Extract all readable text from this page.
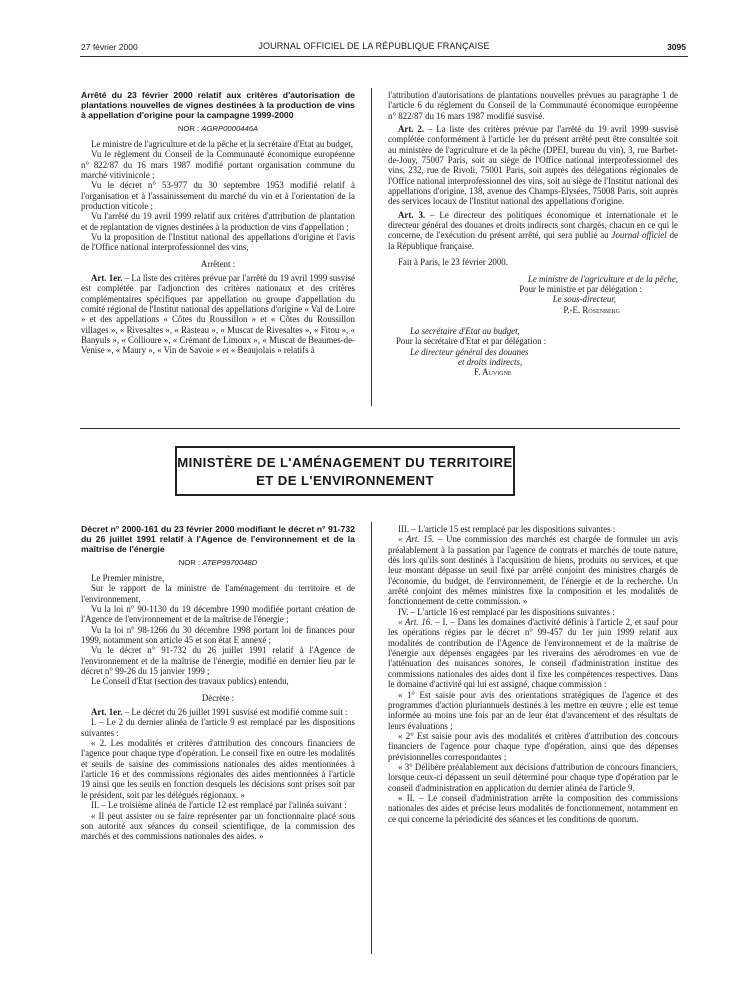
27 février 2000	JOURNAL OFFICIEL DE LA RÉPUBLIQUE FRANÇAISE	3095

Arrêté du 23 février 2000 relatif aux critères d'autorisation de plantations nouvelles de vignes destinées à la production de vins à appellation d'origine pour la campagne 1999-2000

NOR : AGRP0000446A

Le ministre de l'agriculture et de la pêche et la secrétaire d'Etat au budget,

Vu le règlement du Conseil de la Communauté économique européenne n° 822/87 du 16 mars 1987 modifié portant organisation commune du marché vitivinicole ;

Vu le décret n° 53-977 du 30 septembre 1953 modifié relatif à l'organisation et à l'assainissement du marché du vin et à l'orientation de la production viticole ;

Vu l'arrêté du 19 avril 1999 relatif aux critères d'attribution de plantation et de replantation de vignes destinées à la production de vins d'appellation ;

Vu la proposition de l'Institut national des appellations d'origine et l'avis de l'Office national interprofessionnel des vins,

Arrêtent :

Art. 1er. – La liste des critères prévue par l'arrêté du 19 avril 1999 susvisé est complétée par l'adjonction des critères nationaux et des critères complémentaires spécifiques par appellation ou groupe d'appellation du comité régional de l'Institut national des appellations d'origine « Val de Loire » et des appellations « Côtes du Roussillon » et « Côtes du Roussillon villages », « Rivesaltes », « Rasteau », « Muscat de Rivesaltes », « Fitou », « Banyuls », « Collioure », « Crémant de Limoux », « Muscat de Beaumes-de-Venise », « Maury », « Vin de Savoie » et « Beaujolais » relatifs à

l'attribution d'autorisations de plantations nouvelles prévues au paragraphe 1 de l'article 6 du règlement du Conseil de la Communauté économique européenne n° 822/87 du 16 mars 1987 modifié susvisé.

Art. 2. – La liste des critères prévue par l'arrêté du 19 avril 1999 susvisé complétée conformément à l'article 1er du présent arrêté peut être consultée soit au ministère de l'agriculture et de la pêche (DPEI, bureau du vin), 3, rue Barbet-de-Jouy, 75007 Paris, soit au siège de l'Office national interprofessionnel des vins, 232, rue de Rivoli, 75001 Paris, soit auprès des délégations régionales de l'Office national interprofessionnel des vins, soit au siège de l'Institut national des appellations d'origine, 138, avenue des Champs-Elysées, 75008 Paris, soit auprès des services locaux de l'Institut national des appellations d'origine.

Art. 3. – Le directeur des politiques économique et internationale et le directeur général des douanes et droits indirects sont chargés, chacun en ce qui le concerne, de l'exécution du présent arrêté, qui sera publié au Journal officiel de la République française.

Fait à Paris, le 23 février 2000.

Le ministre de l'agriculture et de la pêche,
Pour le ministre et par délégation :
Le sous-directeur,
P.-E. Rosenberg
La secrétaire d'Etat au budget,
Pour la secrétaire d'Etat et par délégation :
Le directeur général des douanes
et droits indirects,
F. Auvigne
MINISTÈRE DE L'AMÉNAGEMENT DU TERRITOIRE
ET DE L'ENVIRONNEMENT

Décret n° 2000-161 du 23 février 2000 modifiant le décret n° 91-732 du 26 juillet 1991 relatif à l'Agence de l'environnement et de la maîtrise de l'énergie

NOR : ATEP9970048D

Le Premier ministre,

Sur le rapport de la ministre de l'aménagement du territoire et de l'environnement,

Vu la loi n° 90-1130 du 19 décembre 1990 modifiée portant création de l'Agence de l'environnement et de la maîtrise de l'énergie ;

Vu la loi n° 98-1266 du 30 décembre 1998 portant loi de finances pour 1999, notamment son article 45 et son état E annexé ;

Vu le décret n° 91-732 du 26 juillet 1991 relatif à l'Agence de l'environnement et de la maîtrise de l'énergie, modifié en dernier lieu par le décret n° 99-26 du 15 janvier 1999 ;

Le Conseil d'Etat (section des travaux publics) entendu,

Décrète :

Art. 1er. – Le décret du 26 juillet 1991 susvisé est modifié comme suit :

I. – Le 2 du dernier alinéa de l'article 9 est remplacé par les dispositions suivantes :

« 2. Les modalités et critères d'attribution des concours financiers de l'agence pour chaque type d'opération. Le conseil fixe en outre les modalités et seuils de saisine des commissions nationales des aides mentionnées à l'article 16 et des commissions régionales des aides mentionnées à l'article 19 ainsi que les seuils en fonction desquels les décisions sont prises soit par le président, soit par les délégués régionaux. »

II. – Le troisième alinéa de l'article 12 est remplacé par l'alinéa suivant :

« Il peut assister ou se faire représenter par un fonctionnaire placé sous son autorité aux séances du conseil scientifique, de la commission des marchés et des commissions nationales des aides. »

III. – L'article 15 est remplacé par les dispositions suivantes :

« Art. 15. – Une commission des marchés est chargée de formuler un avis préalablement à la passation par l'agence de contrats et marchés de toute nature, dès lors qu'ils sont destinés à l'acquisition de biens, produits ou services, et que leur montant dépasse un seuil fixé par arrêté conjoint des ministres chargés de l'économie, du budget, de l'environnement, de l'énergie et de la recherche. Un arrêté conjoint des mêmes ministres fixe la composition et les modalités de fonctionnement de cette commission. »

IV. – L'article 16 est remplacé par les dispositions suivantes :

« Art. 16. – I. – Dans les domaines d'activité définis à l'article 2, et sauf pour les opérations régies par le décret n° 99-457 du 1er juin 1999 relatif aux modalités de contribution de l'Agence de l'environnement et de la maîtrise de l'énergie aux dépenses engagées par les riverains des aérodromes en vue de l'atténuation des nuisances sonores, le conseil d'administration institue des commissions nationales des aides dont il fixe les compétences respectives. Dans le domaine d'activité qui lui est assigné, chaque commission :

« 1° Est saisie pour avis des orientations stratégiques de l'agence et des programmes d'action pluriannuels destinés à les mettre en œuvre ; elle est tenue informée au moins une fois par an de leur état d'avancement et des résultats de leurs évaluations ;

« 2° Est saisie pour avis des modalités et critères d'attribution des concours financiers de l'agence pour chaque type d'opération, ainsi que des dépenses prévisionnelles correspondantes ;

« 3° Délibère préalablement aux décisions d'attribution de concours financiers, lorsque ceux-ci dépassent un seuil déterminé pour chaque type d'opération par le conseil d'administration en application du dernier alinéa de l'article 9.

« II. – Le conseil d'administration arrête la composition des commissions nationales des aides et précise leurs modalités de fonctionnement, notamment en ce qui concerne la périodicité des séances et les conditions de quorum.
